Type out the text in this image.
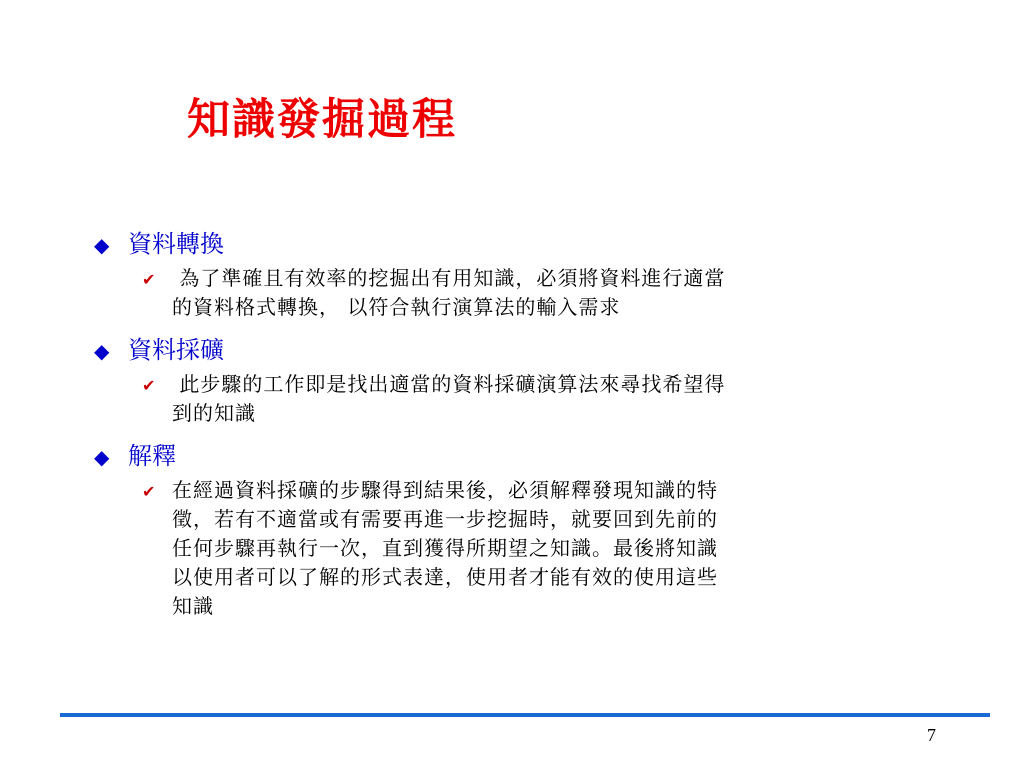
知識發掘過程
◆ 資料轉換
✔ 為了準確且有效率的挖掘出有用知識，必須將資料進行適當
的資料格式轉換， 以符合執行演算法的輸入需求
◆ 資料採礦
✔ 此步驟的工作即是找出適當的資料採礦演算法來尋找希望得
到的知識
◆ 解釋
✔ 在經過資料採礦的步驟得到結果後，必須解釋發現知識的特
徵，若有不適當或有需要再進一步挖掘時，就要回到先前的
任何步驟再執行一次，直到獲得所期望之知識。最後將知識
以使用者可以了解的形式表達，使用者才能有效的使用這些
知識
7
